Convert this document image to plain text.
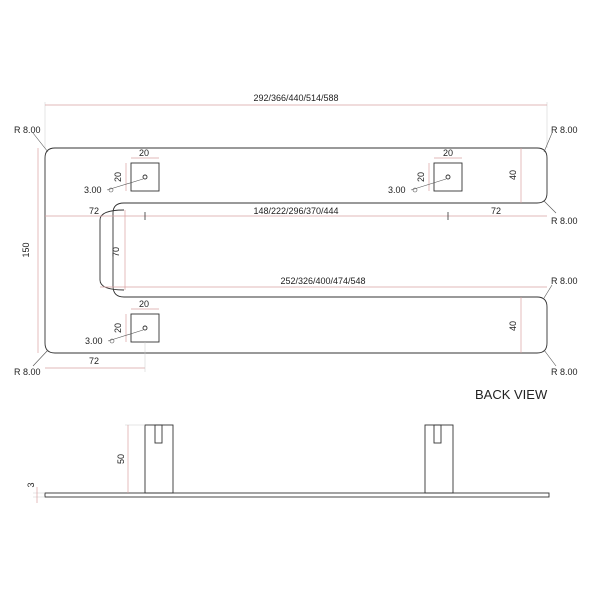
292/366/440/514/588
72	148/222/296/370/444	72
252/326/400/474/548
150	70
40
40
72
20
20
20
20
20
20
3.00	3.00
3.00
R 8.00	R 8.00
R 8.00
R 8.00
R 8.00	R 8.00
BACK VIEW
50
3
